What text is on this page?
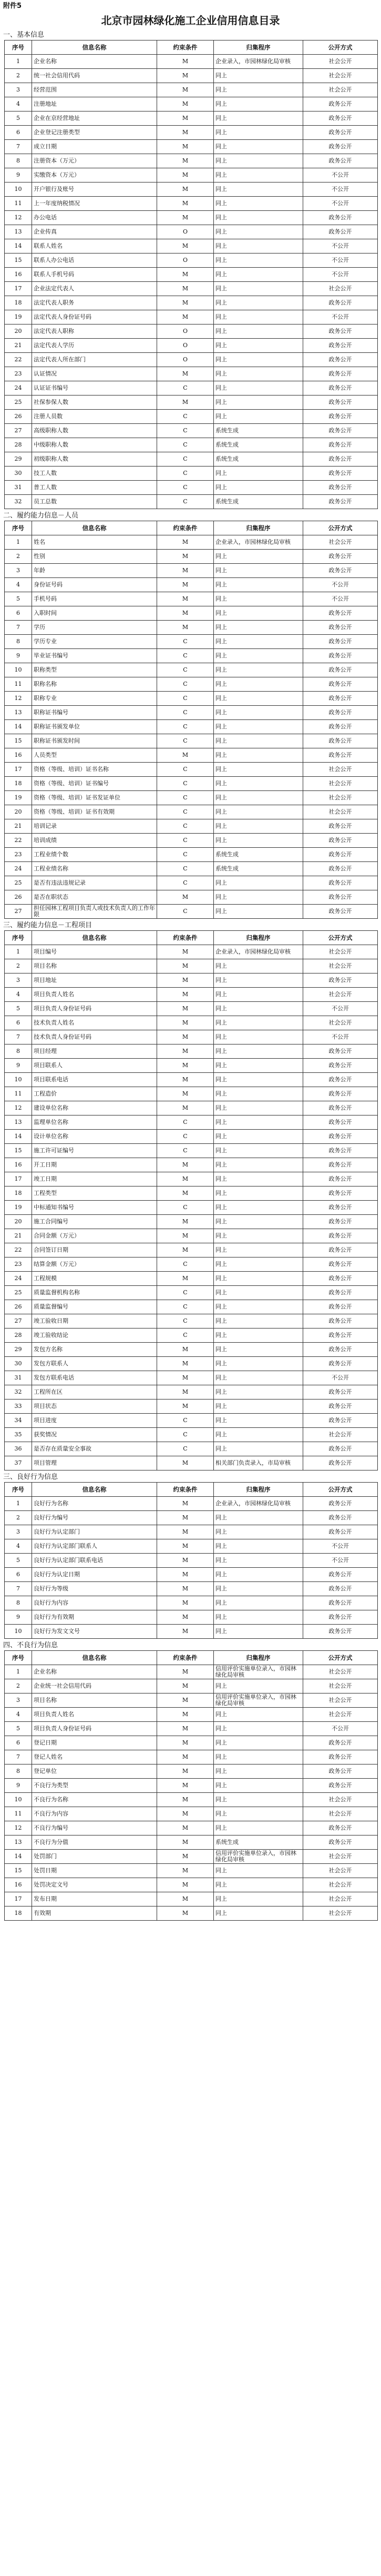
附件5
北京市园林绿化施工企业信用信息目录
一、基本信息
序号	信息名称	约束条件	归集程序	公开方式
1	企业名称	M	企业录入，市园林绿化局审核	社会公开
2	统一社会信用代码	M	同上	社会公开
3	经营范围	M	同上	社会公开
4	注册地址	M	同上	政务公开
5	企业在京经营地址	M	同上	政务公开
6	企业登记注册类型	M	同上	政务公开
7	成立日期	M	同上	政务公开
8	注册资本（万元）	M	同上	政务公开
9	实缴资本（万元）	M	同上	不公开
10	开户银行及账号	M	同上	不公开
11	上一年度纳税情况	M	同上	不公开
12	办公电话	M	同上	政务公开
13	企业传真	O	同上	政务公开
14	联系人姓名	M	同上	不公开
15	联系人办公电话	O	同上	不公开
16	联系人手机号码	M	同上	不公开
17	企业法定代表人	M	同上	社会公开
18	法定代表人职务	M	同上	政务公开
19	法定代表人身份证号码	M	同上	不公开
20	法定代表人职称	O	同上	政务公开
21	法定代表人学历	O	同上	政务公开
22	法定代表人所在部门	O	同上	政务公开
23	认证情况	M	同上	政务公开
24	认证证书编号	C	同上	政务公开
25	社保参保人数	M	同上	政务公开
26	注册人员数	C	同上	政务公开
27	高级职称人数	C	系统生成	政务公开
28	中级职称人数	C	系统生成	政务公开
29	初级职称人数	C	系统生成	政务公开
30	技工人数	C	同上	政务公开
31	普工人数	C	同上	政务公开
32	员工总数	C	系统生成	政务公开
二、履约能力信息－人员
序号	信息名称	约束条件	归集程序	公开方式
1	姓名	M	企业录入，市园林绿化局审核	社会公开
2	性别	M	同上	政务公开
3	年龄	M	同上	政务公开
4	身份证号码	M	同上	不公开
5	手机号码	M	同上	不公开
6	入职时间	M	同上	政务公开
7	学历	M	同上	政务公开
8	学历专业	C	同上	政务公开
9	毕业证书编号	C	同上	政务公开
10	职称类型	C	同上	政务公开
11	职称名称	C	同上	政务公开
12	职称专业	C	同上	政务公开
13	职称证书编号	C	同上	政务公开
14	职称证书颁发单位	C	同上	政务公开
15	职称证书颁发时间	C	同上	政务公开
16	人员类型	M	同上	政务公开
17	资格（等级、培训）证书名称	C	同上	社会公开
18	资格（等级、培训）证书编号	C	同上	社会公开
19	资格（等级、培训）证书发证单位	C	同上	社会公开
20	资格（等级、培训）证书有效期	C	同上	社会公开
21	培训记录	C	同上	政务公开
22	培训成绩	C	同上	政务公开
23	工程业绩个数	C	系统生成	政务公开
24	工程业绩名称	C	系统生成	政务公开
25	是否有违法违规记录	C	同上	政务公开
26	是否在职状态	M	同上	政务公开
27	担任园林工程项目负责人或技术负责人的工作年限	C	同上	政务公开
三、履约能力信息－工程项目
序号	信息名称	约束条件	归集程序	公开方式
1	项目编号	M	企业录入，市园林绿化局审核	社会公开
2	项目名称	M	同上	社会公开
3	项目地址	M	同上	政务公开
4	项目负责人姓名	M	同上	社会公开
5	项目负责人身份证号码	M	同上	不公开
6	技术负责人姓名	M	同上	社会公开
7	技术负责人身份证号码	M	同上	不公开
8	项目经理	M	同上	政务公开
9	项目联系人	M	同上	政务公开
10	项目联系电话	M	同上	政务公开
11	工程造价	M	同上	政务公开
12	建设单位名称	M	同上	政务公开
13	监理单位名称	C	同上	政务公开
14	设计单位名称	C	同上	政务公开
15	施工许可证编号	C	同上	政务公开
16	开工日期	M	同上	政务公开
17	竣工日期	M	同上	政务公开
18	工程类型	M	同上	政务公开
19	中标通知书编号	C	同上	政务公开
20	施工合同编号	M	同上	政务公开
21	合同金额（万元）	M	同上	政务公开
22	合同签订日期	M	同上	政务公开
23	结算金额（万元）	C	同上	政务公开
24	工程规模	M	同上	政务公开
25	质量监督机构名称	C	同上	政务公开
26	质量监督编号	C	同上	政务公开
27	竣工验收日期	C	同上	政务公开
28	竣工验收结论	C	同上	政务公开
29	发包方名称	M	同上	政务公开
30	发包方联系人	M	同上	政务公开
31	发包方联系电话	M	同上	不公开
32	工程所在区	M	同上	政务公开
33	项目状态	M	同上	政务公开
34	项目进度	C	同上	政务公开
35	获奖情况	C	同上	社会公开
36	是否存在质量安全事故	C	同上	政务公开
37	项目管理	M	相关部门负责录入，市局审核	政务公开
三、良好行为信息
序号	信息名称	约束条件	归集程序	公开方式
1	良好行为名称	M	企业录入，市园林绿化局审核	政务公开
2	良好行为编号	M	同上	政务公开
3	良好行为认定部门	M	同上	政务公开
4	良好行为认定部门联系人	M	同上	不公开
5	良好行为认定部门联系电话	M	同上	不公开
6	良好行为认定日期	M	同上	政务公开
7	良好行为等级	M	同上	政务公开
8	良好行为内容	M	同上	政务公开
9	良好行为有效期	M	同上	政务公开
10	良好行为发文文号	M	同上	政务公开
四、不良行为信息
序号	信息名称	约束条件	归集程序	公开方式
1	企业名称	M	信用评价实施单位录入，市园林绿化局审核	社会公开
2	企业统一社会信用代码	M	同上	社会公开
3	项目名称	M	信用评价实施单位录入，市园林绿化局审核	社会公开
4	项目负责人姓名	M	同上	社会公开
5	项目负责人身份证号码	M	同上	不公开
6	登记日期	M	同上	政务公开
7	登记人姓名	M	同上	政务公开
8	登记单位	M	同上	政务公开
9	不良行为类型	M	同上	政务公开
10	不良行为名称	M	同上	社会公开
11	不良行为内容	M	同上	社会公开
12	不良行为编号	M	同上	政务公开
13	不良行为分值	M	系统生成	政务公开
14	处罚部门	M	信用评价实施单位录入，市园林绿化局审核	社会公开
15	处罚日期	M	同上	社会公开
16	处罚决定文号	M	同上	社会公开
17	发布日期	M	同上	社会公开
18	有效期	M	同上	社会公开
